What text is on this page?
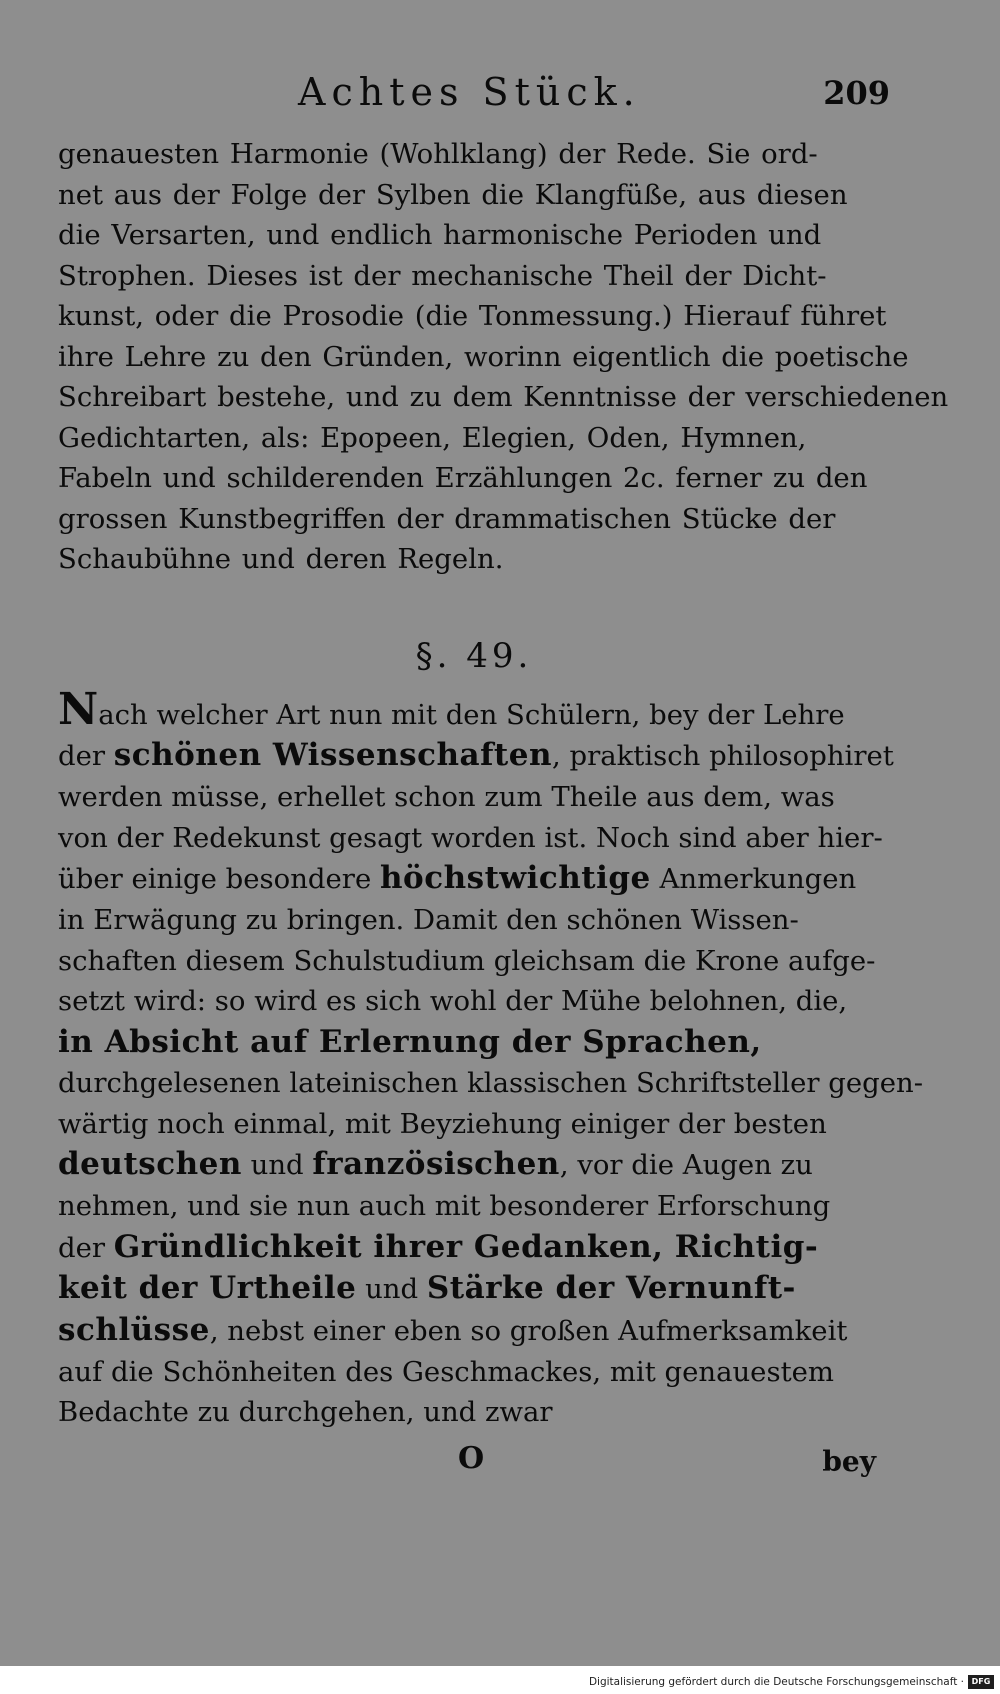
Achtes Stück.	209

genauesten Harmonie (Wohlklang) der Rede. Sie ord-
net aus der Folge der Sylben die Klangfüße, aus diesen
die Versarten, und endlich harmonische Perioden und
Strophen. Dieses ist der mechanische Theil der Dicht-
kunst, oder die Prosodie (die Tonmessung.) Hierauf führet
ihre Lehre zu den Gründen, worinn eigentlich die poetische
Schreibart bestehe, und zu dem Kenntnisse der verschiedenen
Gedichtarten, als: Epopeen, Elegien, Oden, Hymnen,
Fabeln und schilderenden Erzählungen 2c. ferner zu den
grossen Kunstbegriffen der drammatischen Stücke der
Schaubühne und deren Regeln.

§. 49.

Nach welcher Art nun mit den Schülern, bey der Lehre
der schönen Wissenschaften, praktisch philosophiret
werden müsse, erhellet schon zum Theile aus dem, was
von der Redekunst gesagt worden ist. Noch sind aber hier-
über einige besondere höchstwichtige Anmerkungen
in Erwägung zu bringen. Damit den schönen Wissen-
schaften diesem Schulstudium gleichsam die Krone aufge-
setzt wird: so wird es sich wohl der Mühe belohnen, die,
in Absicht auf Erlernung der Sprachen,
durchgelesenen lateinischen klassischen Schriftsteller gegen-
wärtig noch einmal, mit Beyziehung einiger der besten
deutschen und französischen, vor die Augen zu
nehmen, und sie nun auch mit besonderer Erforschung
der Gründlichkeit ihrer Gedanken, Richtig-
keit der Urtheile und Stärke der Vernunft-
schlüsse, nebst einer eben so großen Aufmerksamkeit
auf die Schönheiten des Geschmackes, mit genauestem
Bedachte zu durchgehen, und zwar

O	bey
Digitalisierung gefördert durch die Deutsche Forschungsgemeinschaft · DFG
